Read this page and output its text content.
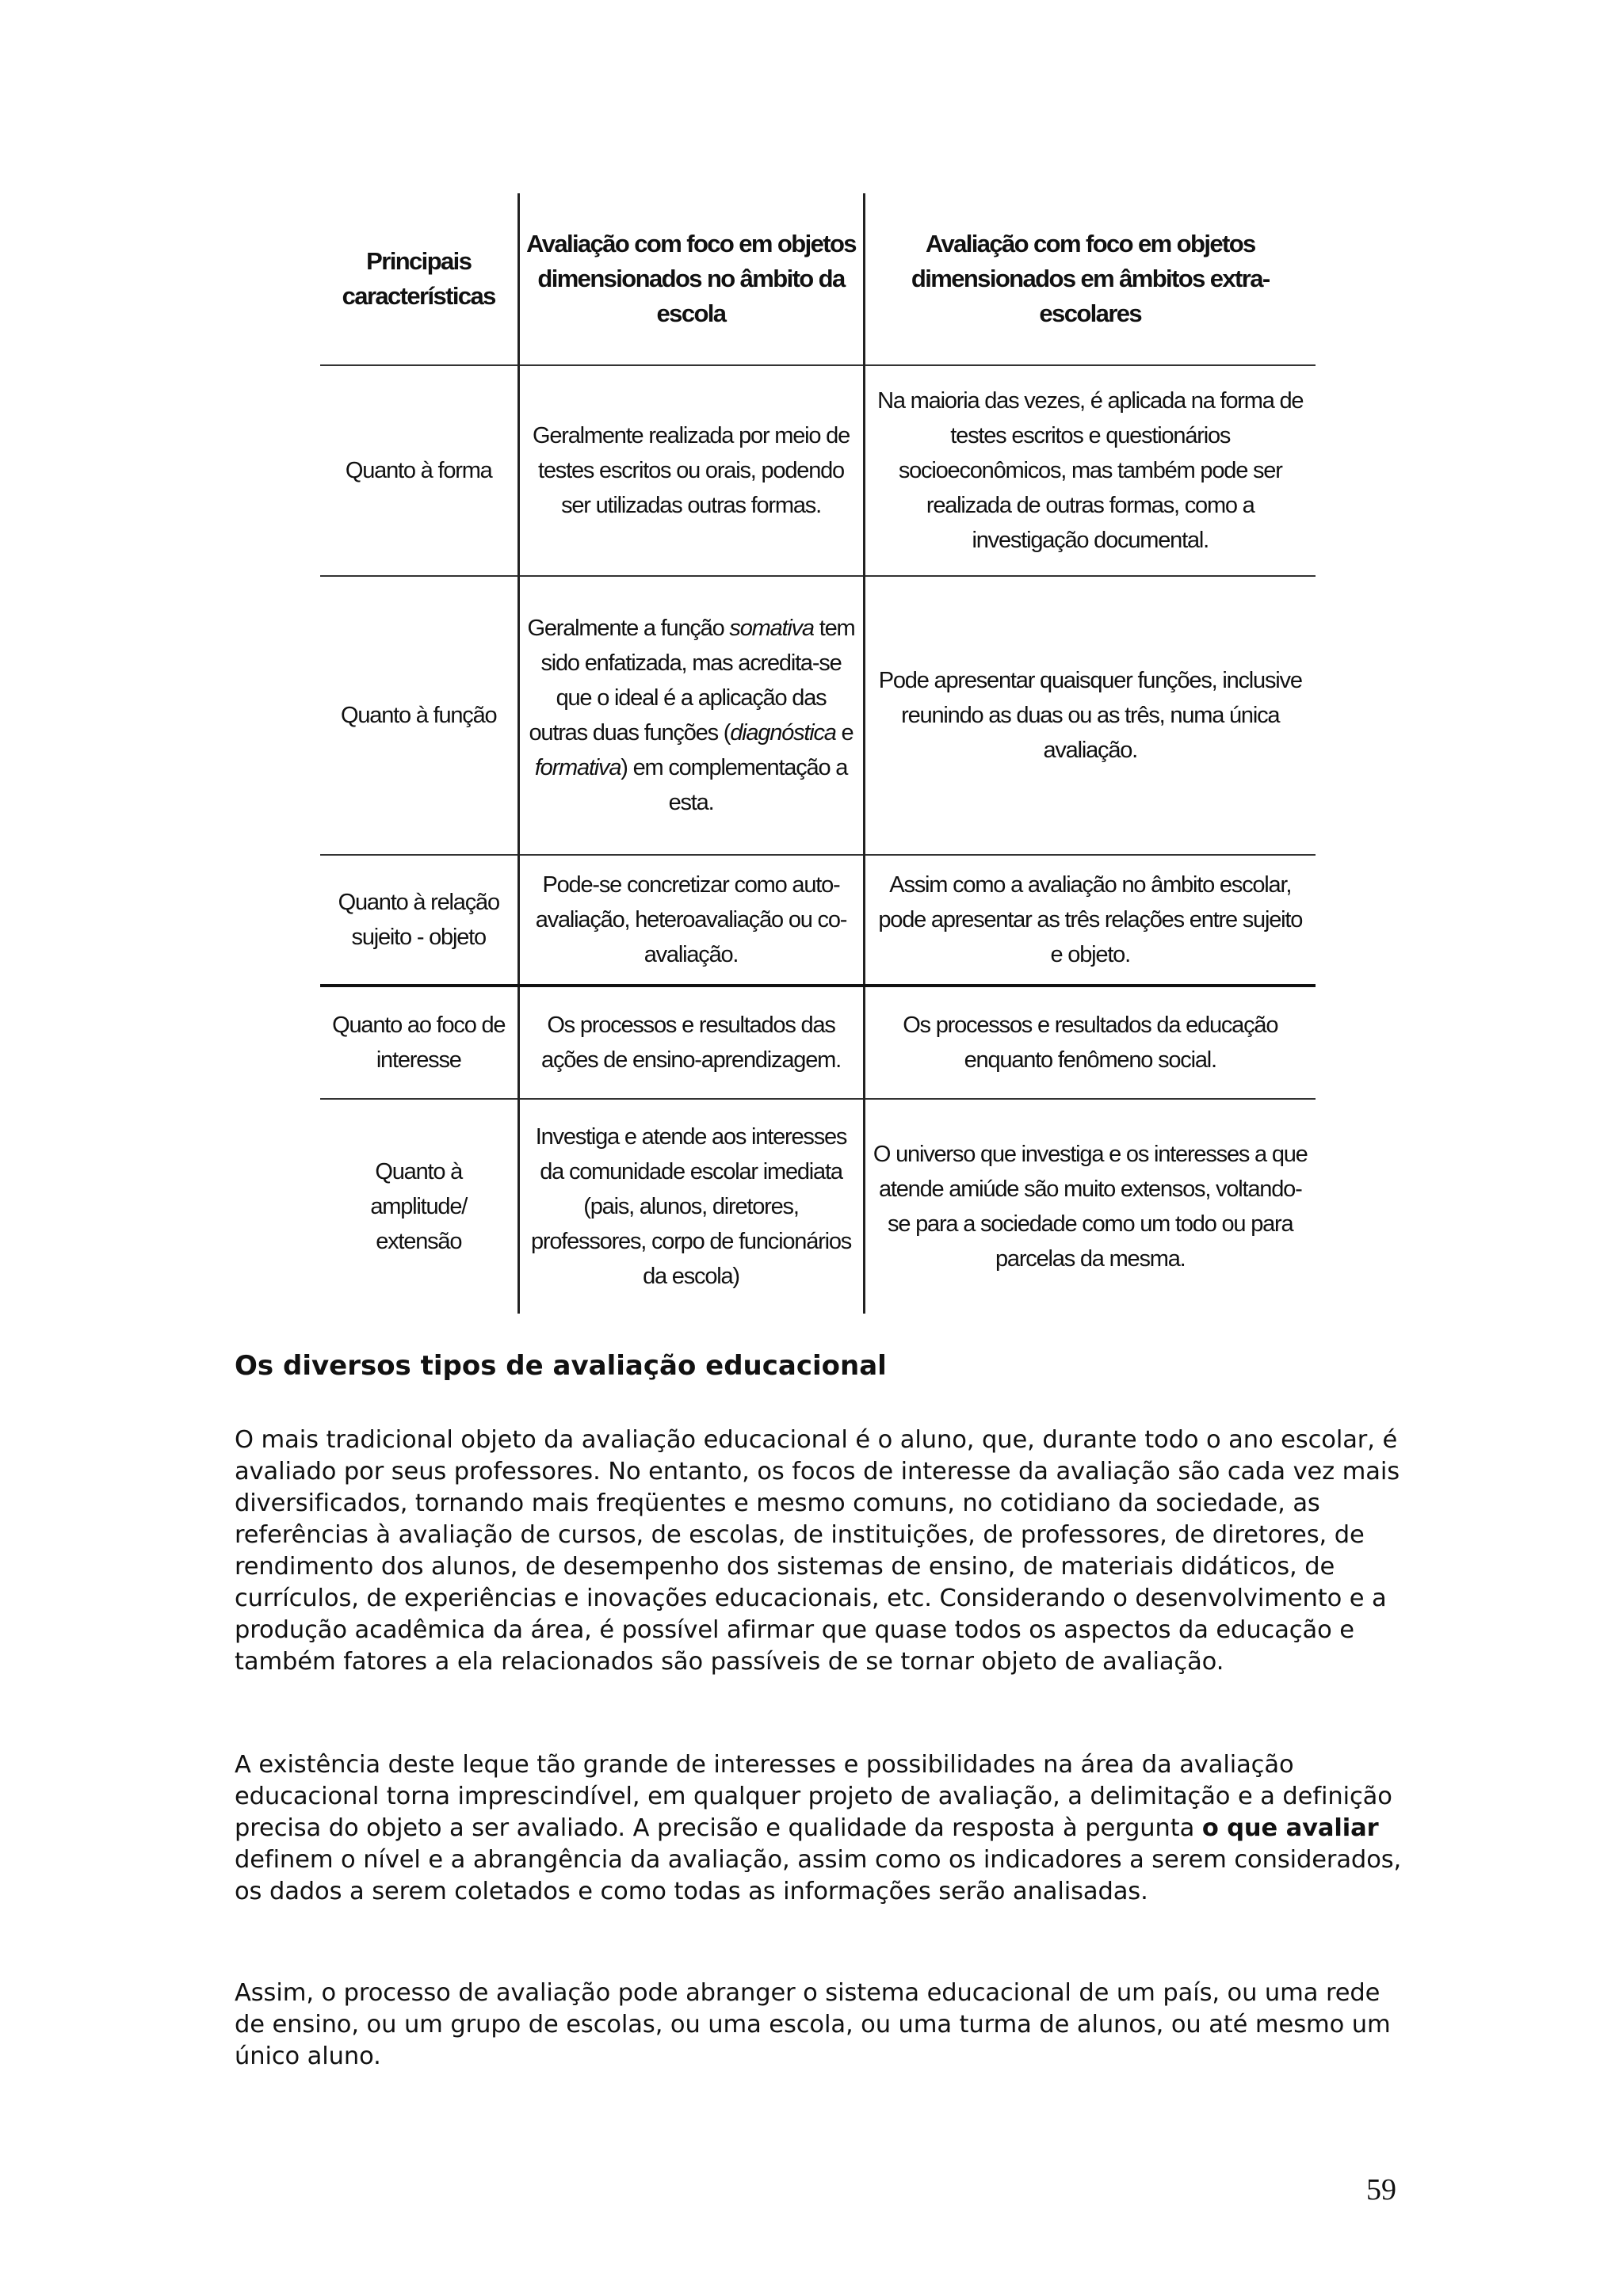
Principais características	Avaliação com foco em objetos dimensionados no âmbito da escola	Avaliação com foco em objetos dimensionados em âmbitos extra-escolares
Quanto à forma	Geralmente realizada por meio de testes escritos ou orais, podendo ser utilizadas outras formas.	Na maioria das vezes, é aplicada na forma de testes escritos e questionários socioeconômicos, mas também pode ser realizada de outras formas, como a investigação documental.
Quanto à função	Geralmente a função somativa tem sido enfatizada, mas acredita-se que o ideal é a aplicação das outras duas funções (diagnóstica e formativa) em complementação a esta.	Pode apresentar quaisquer funções, inclusive reunindo as duas ou as três, numa única avaliação.
Quanto à relação sujeito - objeto	Pode-se concretizar como auto-avaliação, heteroavaliação ou co-avaliação.	Assim como a avaliação no âmbito escolar, pode apresentar as três relações entre sujeito e objeto.
Quanto ao foco de interesse	Os processos e resultados das ações de ensino-aprendizagem.	Os processos e resultados da educação enquanto fenômeno social.
Quanto à amplitude/ extensão	Investiga e atende aos interesses da comunidade escolar imediata (pais, alunos, diretores, professores, corpo de funcionários da escola)	O universo que investiga e os interesses a que atende amiúde são muito extensos, voltando-se para a sociedade como um todo ou para parcelas da mesma.
Os diversos tipos de avaliação educacional

O mais tradicional objeto da avaliação educacional é o aluno, que, durante todo o ano escolar, é avaliado por seus professores. No entanto, os focos de interesse da avaliação são cada vez mais diversificados, tornando mais freqüentes e mesmo comuns, no cotidiano da sociedade, as referências à avaliação de cursos, de escolas, de instituições, de professores, de diretores, de rendimento dos alunos, de desempenho dos sistemas de ensino, de materiais didáticos, de currículos, de experiências e inovações educacionais, etc. Considerando o desenvolvimento e a produção acadêmica da área, é possível afirmar que quase todos os aspectos da educação e também fatores a ela relacionados são passíveis de se tornar objeto de avaliação.

A existência deste leque tão grande de interesses e possibilidades na área da avaliação educacional torna imprescindível, em qualquer projeto de avaliação, a delimitação e a definição precisa do objeto a ser avaliado. A precisão e qualidade da resposta à pergunta o que avaliar definem o nível e a abrangência da avaliação, assim como os indicadores a serem considerados, os dados a serem coletados e como todas as informações serão analisadas.

Assim, o processo de avaliação pode abranger o sistema educacional de um país, ou uma rede de ensino, ou um grupo de escolas, ou uma escola, ou uma turma de alunos, ou até mesmo um único aluno.

59
